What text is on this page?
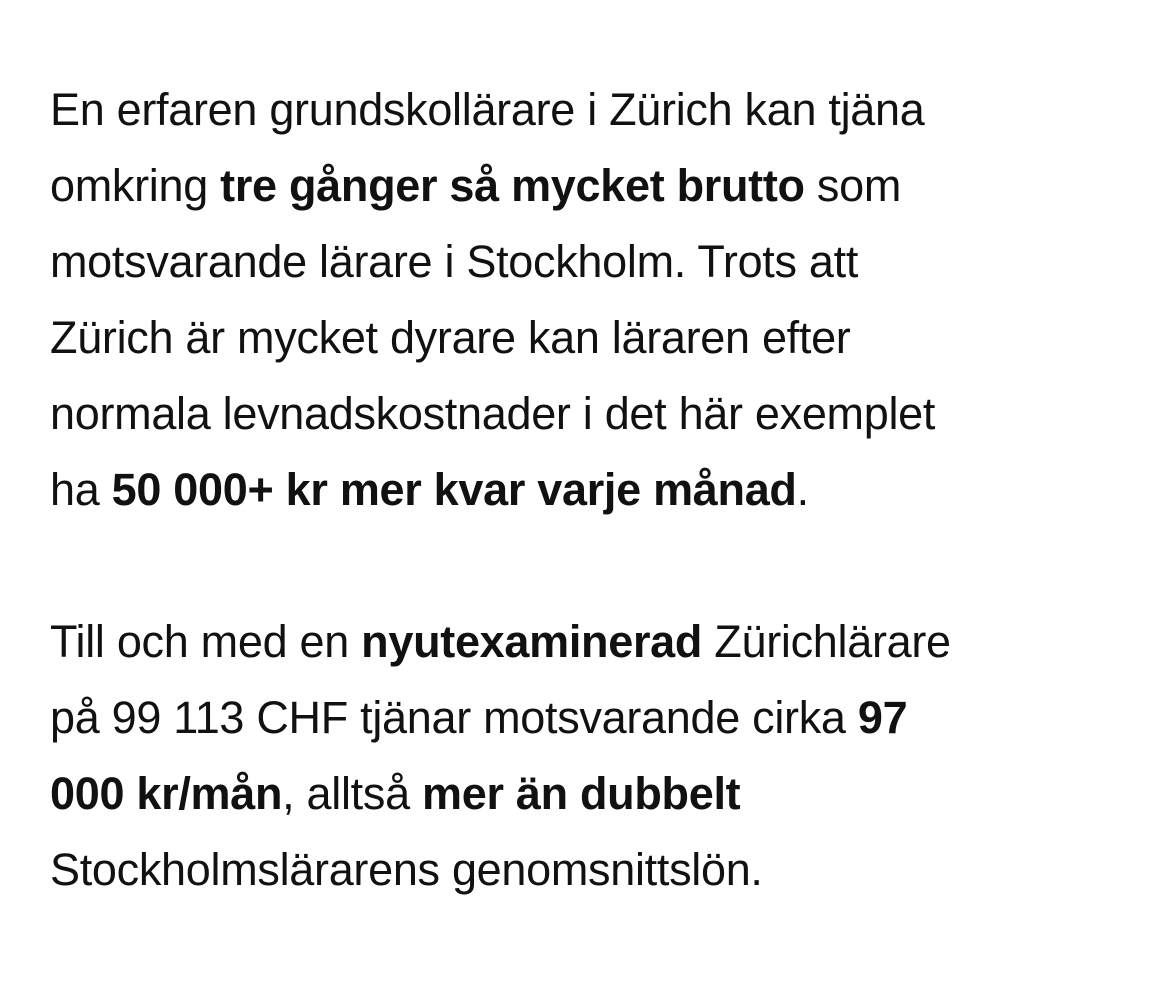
En erfaren grundskollärare i Zürich kan tjäna
omkring tre gånger så mycket brutto som
motsvarande lärare i Stockholm. Trots att
Zürich är mycket dyrare kan läraren efter
normala levnadskostnader i det här exemplet
ha 50 000+ kr mer kvar varje månad.
Till och med en nyutexaminerad Zürichlärare
på 99 113 CHF tjänar motsvarande cirka 97
000 kr/mån, alltså mer än dubbelt
Stockholmslärarens genomsnittslön.
